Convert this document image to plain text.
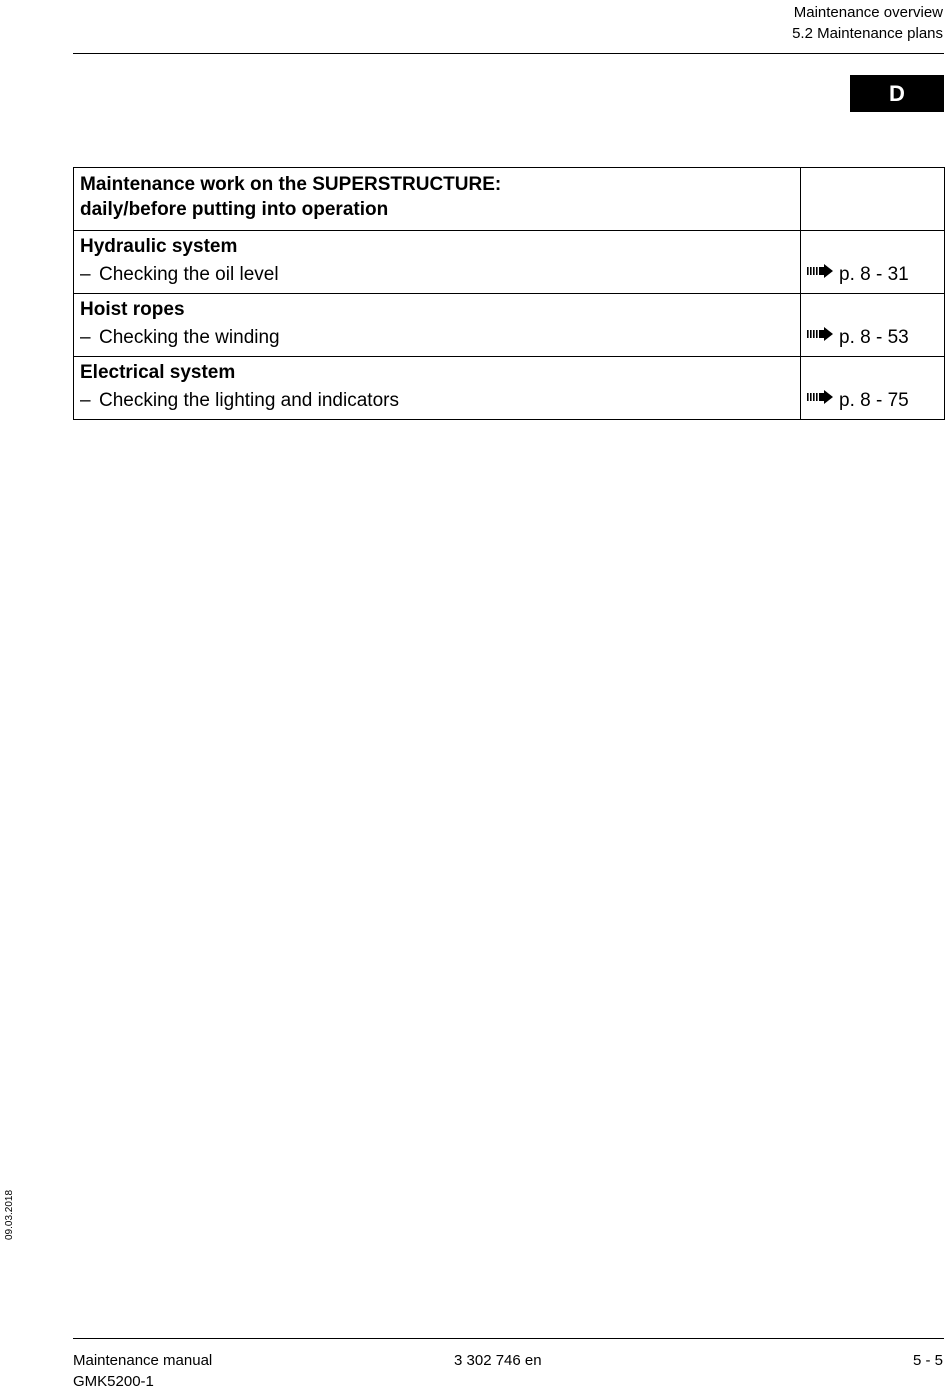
Maintenance overview
5.2 Maintenance plans
D
Maintenance work on the SUPERSTRUCTURE:
daily/before putting into operation	

Hydraulic system
– Checking the oil level	p. 8 - 31

Hoist ropes
– Checking the winding	p. 8 - 53

Electrical system
– Checking the lighting and indicators	p. 8 - 75
09.03.2018
Maintenance manual
GMK5200-1
3 302 746 en	5 - 5
